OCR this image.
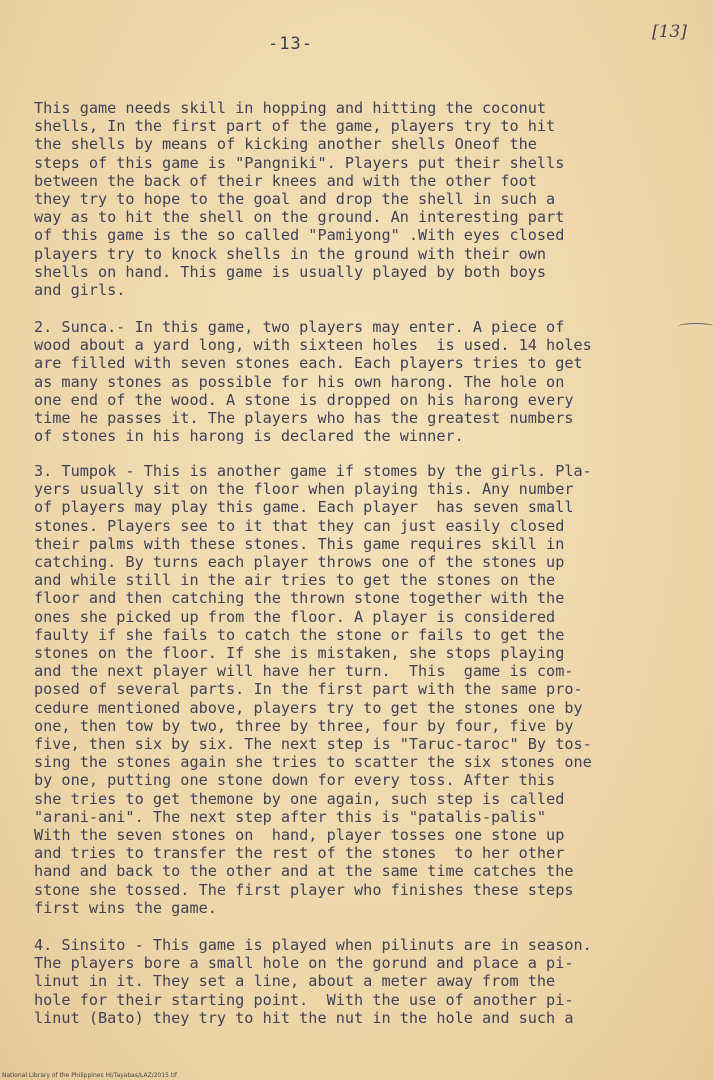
-13-
[13]

This game needs skill in hopping and hitting the coconut
shells, In the first part of the game, players try to hit
the shells by means of kicking another shells Oneof the
steps of this game is "Pangniki". Players put their shells
between the back of their knees and with the other foot
they try to hope to the goal and drop the shell in such a
way as to hit the shell on the ground. An interesting part
of this game is the so called "Pamiyong" .With eyes closed
players try to knock shells in the ground with their own
shells on hand. This game is usually played by both boys
and girls.

2. Sunca.- In this game, two players may enter. A piece of
wood about a yard long, with sixteen holes  is used. 14 holes
are filled with seven stones each. Each players tries to get
as many stones as possible for his own harong. The hole on
one end of the wood. A stone is dropped on his harong every
time he passes it. The players who has the greatest numbers
of stones in his harong is declared the winner.

3. Tumpok - This is another game if stomes by the girls. Pla-
yers usually sit on the floor when playing this. Any number
of players may play this game. Each player  has seven small
stones. Players see to it that they can just easily closed
their palms with these stones. This game requires skill in
catching. By turns each player throws one of the stones up
and while still in the air tries to get the stones on the
floor and then catching the thrown stone together with the
ones she picked up from the floor. A player is considered
faulty if she fails to catch the stone or fails to get the
stones on the floor. If she is mistaken, she stops playing
and the next player will have her turn.  This  game is com-
posed of several parts. In the first part with the same pro-
cedure mentioned above, players try to get the stones one by
one, then tow by two, three by three, four by four, five by
five, then six by six. The next step is "Taruc-taroc" By tos-
sing the stones again she tries to scatter the six stones one
by one, putting one stone down for every toss. After this
she tries to get themone by one again, such step is called
"arani-ani". The next step after this is "patalis-palis"
With the seven stones on  hand, player tosses one stone up
and tries to transfer the rest of the stones  to her other
hand and back to the other and at the same time catches the
stone she tossed. The first player who finishes these steps
first wins the game.

4. Sinsito - This game is played when pilinuts are in season.
The players bore a small hole on the gorund and place a pi-
linut in it. They set a line, about a meter away from the
hole for their starting point.  With the use of another pi-
linut (Bato) they try to hit the nut in the hole and such a

National Library of the Philippines HI/Tayabas/LAZ/2015.tif
